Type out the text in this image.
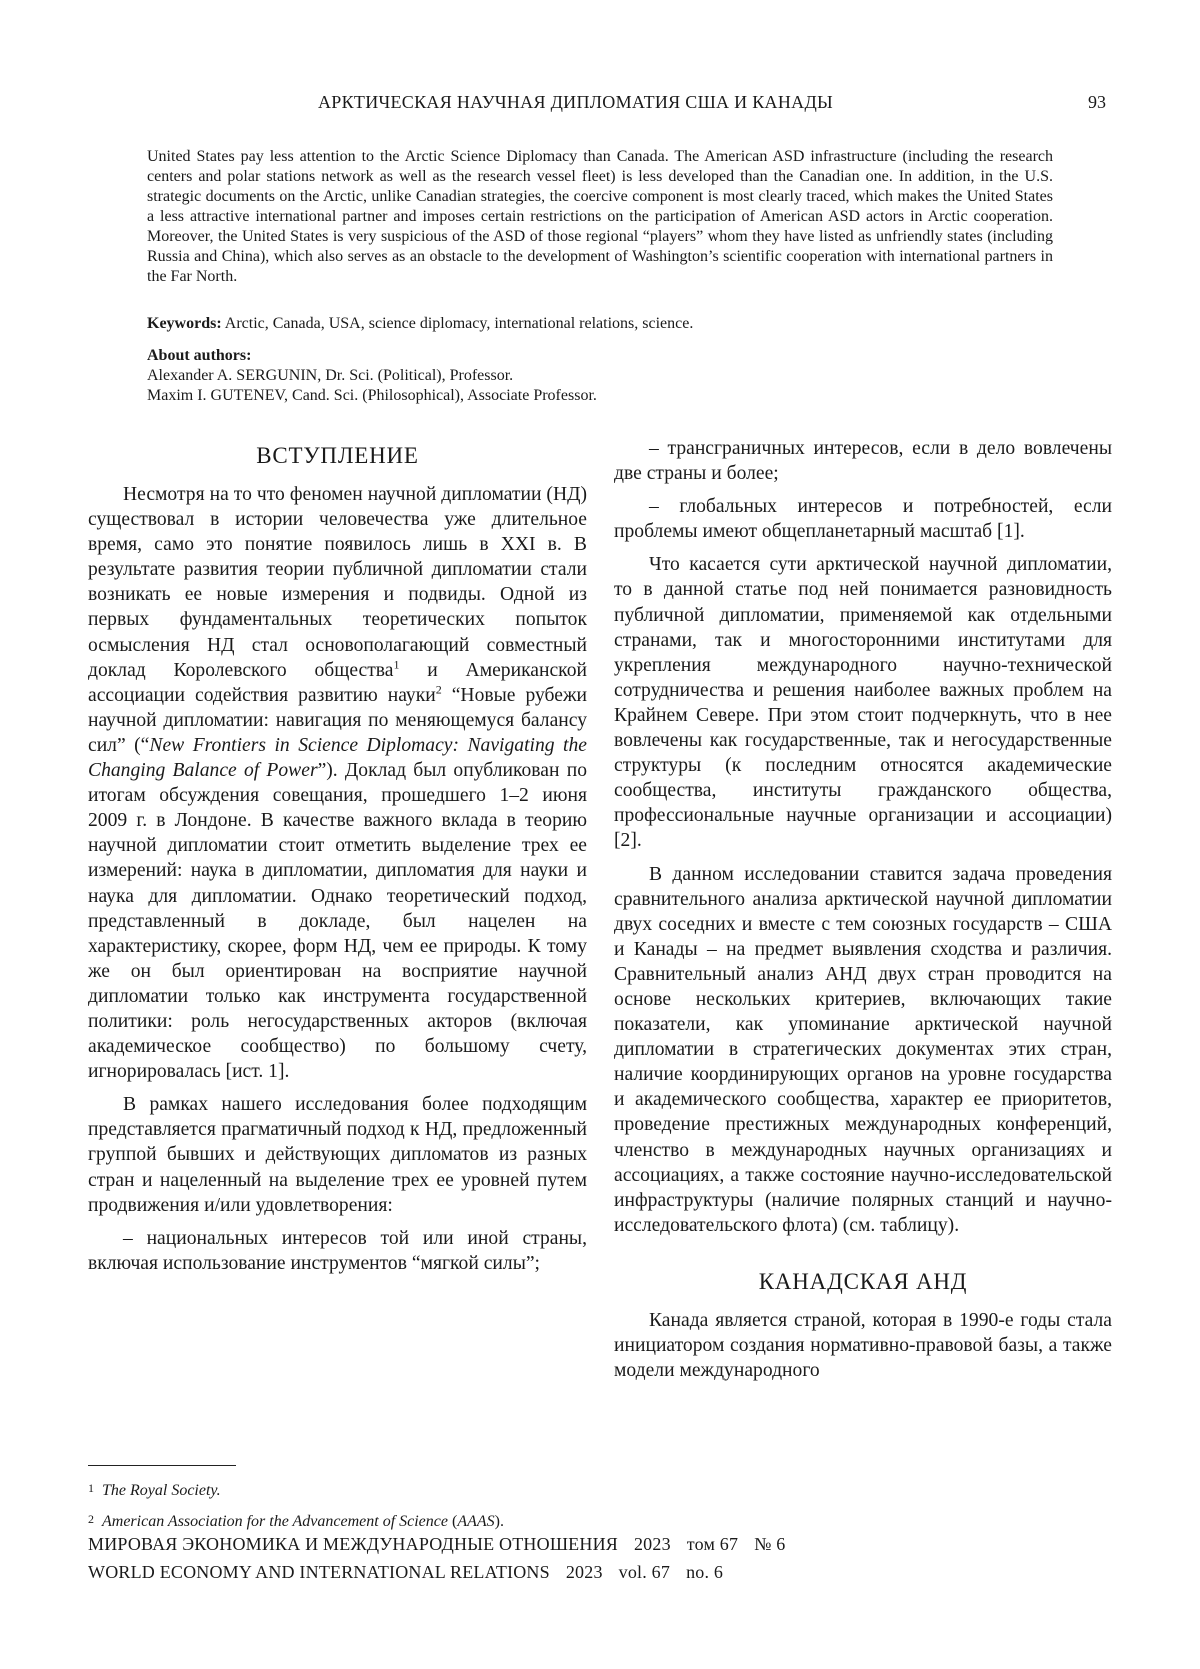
АРКТИЧЕСКАЯ НАУЧНАЯ ДИПЛОМАТИЯ США И КАНАДЫ	93

United States pay less attention to the Arctic Science Diplomacy than Canada. The American ASD infrastructure (including the research centers and polar stations network as well as the research vessel fleet) is less developed than the Canadian one. In addition, in the U.S. strategic documents on the Arctic, unlike Canadian strategies, the coercive component is most clearly traced, which makes the United States a less attractive international partner and imposes certain restrictions on the participation of American ASD actors in Arctic cooperation. Moreover, the United States is very suspicious of the ASD of those regional “players” whom they have listed as unfriendly states (including Russia and China), which also serves as an obstacle to the development of Washington’s scientific cooperation with international partners in the Far North.

Keywords: Arctic, Canada, USA, science diplomacy, international relations, science.
About authors:
Alexander A. SERGUNIN, Dr. Sci. (Political), Professor.
Maxim I. GUTENEV, Cand. Sci. (Philosophical), Associate Professor.
ВСТУПЛЕНИЕ

Несмотря на то что феномен научной дипломатии (НД) существовал в истории человечества уже длительное время, само это понятие появилось лишь в XXI в. В результате развития теории публичной дипломатии стали возникать ее новые измерения и подвиды. Одной из первых фундаментальных теоретических попыток осмысления НД стал основополагающий совместный доклад Королевского общества$^1$ и Американской ассоциации содействия развитию науки$^2$ “Новые рубежи научной дипломатии: навигация по меняющемуся балансу сил” (“New Frontiers in Science Diplomacy: Navigating the Changing Balance of Power”). Доклад был опубликован по итогам обсуждения совещания, прошедшего 1–2 июня 2009 г. в Лондоне. В качестве важного вклада в теорию научной дипломатии стоит отметить выделение трех ее измерений: наука в дипломатии, дипломатия для науки и наука для дипломатии. Однако теоретический подход, представленный в докладе, был нацелен на характеристику, скорее, форм НД, чем ее природы. К тому же он был ориентирован на восприятие научной дипломатии только как инструмента государственной политики: роль негосударственных акторов (включая академическое сообщество) по большому счету, игнорировалась [ист. 1].

В рамках нашего исследования более подходящим представляется прагматичный подход к НД, предложенный группой бывших и действующих дипломатов из разных стран и нацеленный на выделение трех ее уровней путем продвижения и/или удовлетворения:

– национальных интересов той или иной страны, включая использование инструментов “мягкой силы”;

– трансграничных интересов, если в дело вовлечены две страны и более;

– глобальных интересов и потребностей, если проблемы имеют общепланетарный масштаб [1].

Что касается сути арктической научной дипломатии, то в данной статье под ней понимается разновидность публичной дипломатии, применяемой как отдельными странами, так и многосторонними институтами для укрепления международного научно-технической сотрудничества и решения наиболее важных проблем на Крайнем Севере. При этом стоит подчеркнуть, что в нее вовлечены как государственные, так и негосударственные структуры (к последним относятся академические сообщества, институты гражданского общества, профессиональные научные организации и ассоциации) [2].

В данном исследовании ставится задача проведения сравнительного анализа арктической научной дипломатии двух соседних и вместе с тем союзных государств – США и Канады – на предмет выявления сходства и различия. Сравнительный анализ АНД двух стран проводится на основе нескольких критериев, включающих такие показатели, как упоминание арктической научной дипломатии в стратегических документах этих стран, наличие координирующих органов на уровне государства и академического сообщества, характер ее приоритетов, проведение престижных международных конференций, членство в международных научных организациях и ассоциациях, а также состояние научно-исследовательской инфраструктуры (наличие полярных станций и научно-исследовательского флота) (см. таблицу).

КАНАДСКАЯ АНД

Канада является страной, которая в 1990-е годы стала инициатором создания нормативно-правовой базы, а также модели международного

1 The Royal Society.
2 American Association for the Advancement of Science (AAAS).
МИРОВАЯ ЭКОНОМИКА И МЕЖДУНАРОДНЫЕ ОТНОШЕНИЯ 2023 том 67 № 6
WORLD ECONOMY AND INTERNATIONAL RELATIONS 2023 vol. 67 no. 6
